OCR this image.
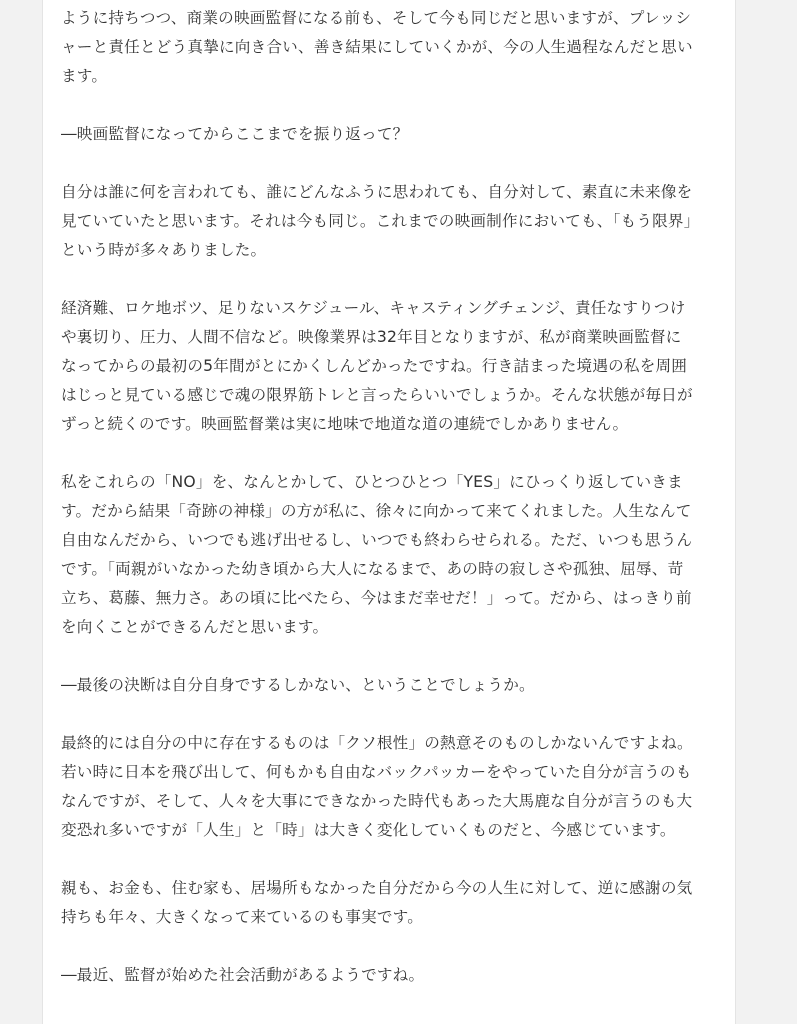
ように持ちつつ、商業の映画監督になる前も、そして今も同じだと思いますが、プレッシ
ャーと責任とどう真摯に向き合い、善き結果にしていくかが、今の人生過程なんだと思い
ます。

―映画監督になってからここまでを振り返って？

自分は誰に何を言われても、誰にどんなふうに思われても、自分対して、素直に未来像を
見ていていたと思います。それは今も同じ。これまでの映画制作においても、「もう限界」
という時が多々ありました。

経済難、ロケ地ボツ、足りないスケジュール、キャスティングチェンジ、責任なすりつけ
や裏切り、圧力、人間不信など。映像業界は32年目となりますが、私が商業映画監督に
なってからの最初の5年間がとにかくしんどかったですね。行き詰まった境遇の私を周囲
はじっと見ている感じで魂の限界筋トレと言ったらいいでしょうか。そんな状態が毎日が
ずっと続くのです。映画監督業は実に地味で地道な道の連続でしかありません。

私をこれらの「NO」を、なんとかして、ひとつひとつ「YES」にひっくり返していきま
す。だから結果「奇跡の神様」の方が私に、徐々に向かって来てくれました。人生なんて
自由なんだから、いつでも逃げ出せるし、いつでも終わらせられる。ただ、いつも思うん
です。「両親がいなかった幼き頃から大人になるまで、あの時の寂しさや孤独、屈辱、苛
立ち、葛藤、無力さ。あの頃に比べたら、今はまだ幸せだ！」って。だから、はっきり前
を向くことができるんだと思います。

―最後の決断は自分自身でするしかない、ということでしょうか。

最終的には自分の中に存在するものは「クソ根性」の熱意そのものしかないんですよね。
若い時に日本を飛び出して、何もかも自由なバックパッカーをやっていた自分が言うのも
なんですが、そして、人々を大事にできなかった時代もあった大馬鹿な自分が言うのも大
変恐れ多いですが「人生」と「時」は大きく変化していくものだと、今感じています。

親も、お金も、住む家も、居場所もなかった自分だから今の人生に対して、逆に感謝の気
持ちも年々、大きくなって来ているのも事実です。

―最近、監督が始めた社会活動があるようですね。
